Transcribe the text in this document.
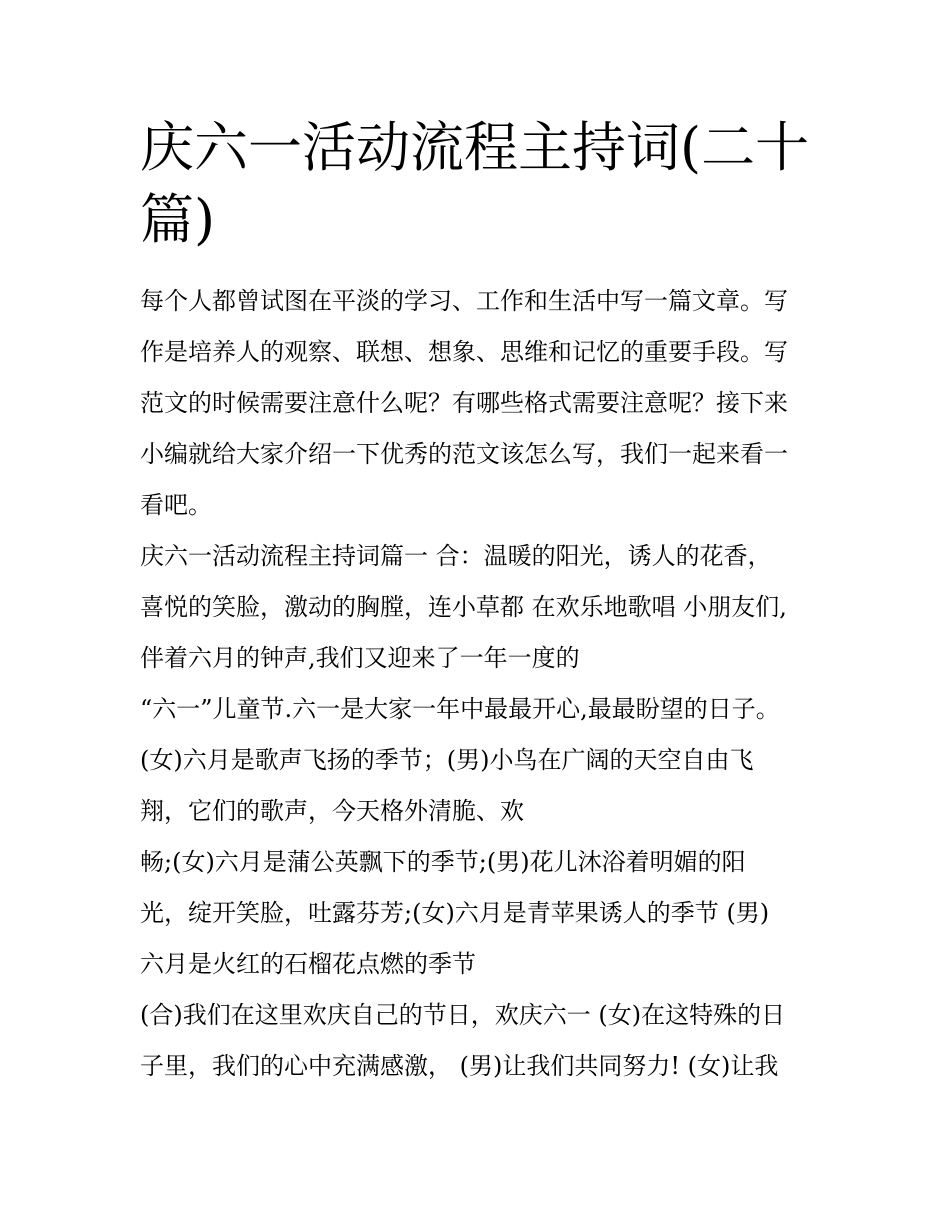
庆六一活动流程主持词(二十
篇)
每个人都曾试图在平淡的学习、工作和生活中写一篇文章。写
作是培养人的观察、联想、想象、思维和记忆的重要手段。写
范文的时候需要注意什么呢？有哪些格式需要注意呢？接下来
小编就给大家介绍一下优秀的范文该怎么写，我们一起来看一
看吧。
庆六一活动流程主持词篇一 合：温暖的阳光，诱人的花香，
喜悦的笑脸，激动的胸膛，连小草都 在欢乐地歌唱 小朋友们,
伴着六月的钟声,我们又迎来了一年一度的
“六一”儿童节.六一是大家一年中最最开心,最最盼望的日子。
(女)六月是歌声飞扬的季节；(男)小鸟在广阔的天空自由飞
翔，它们的歌声，今天格外清脆、欢
畅;(女)六月是蒲公英飘下的季节;(男)花儿沐浴着明媚的阳
光，绽开笑脸，吐露芬芳;(女)六月是青苹果诱人的季节 (男)
六月是火红的石榴花点燃的季节
(合)我们在这里欢庆自己的节日，欢庆六一 (女)在这特殊的日
子里，我们的心中充满感激， (男)让我们共同努力! (女)让我
